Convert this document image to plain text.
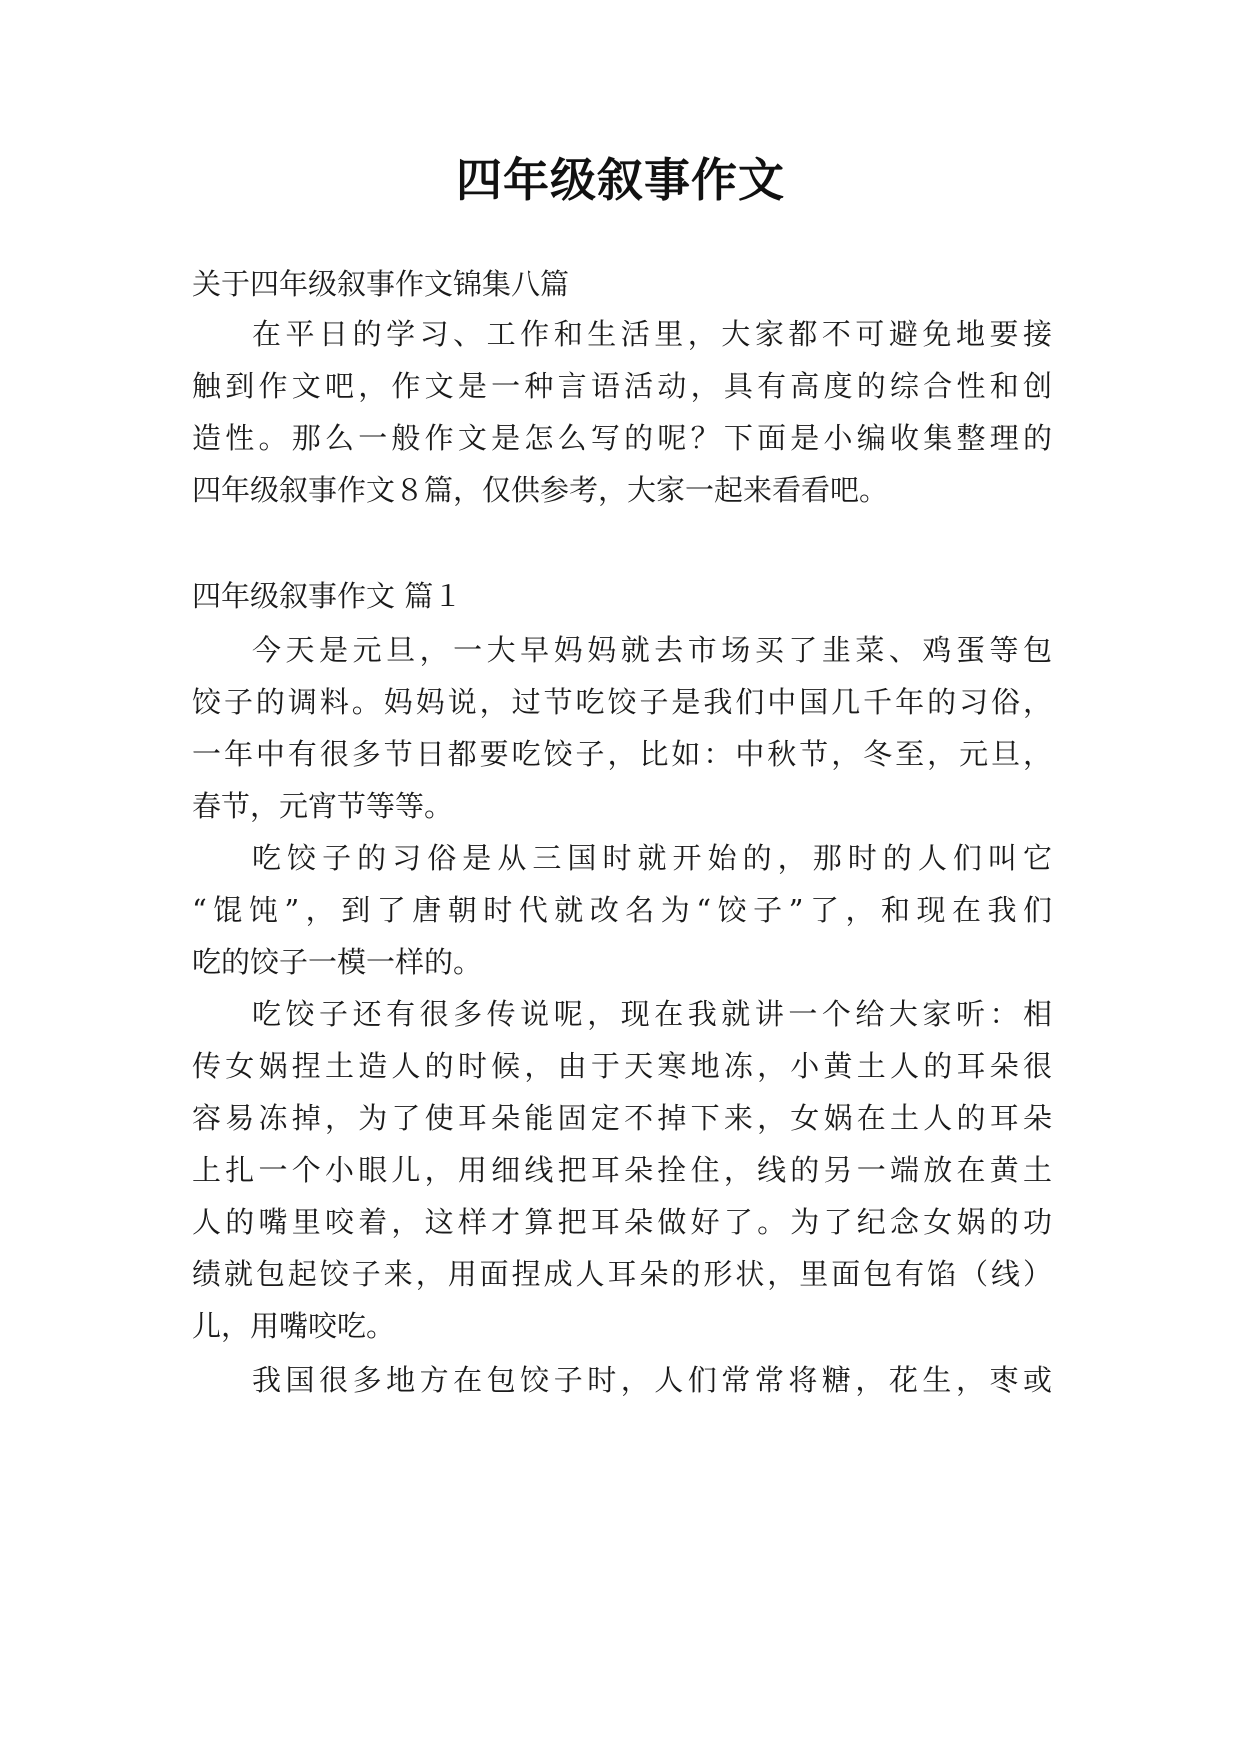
四年级叙事作文
关于四年级叙事作文锦集八篇
在平日的学习、工作和生活里，大家都不可避免地要接
触到作文吧，作文是一种言语活动，具有高度的综合性和创
造性。那么一般作文是怎么写的呢？下面是小编收集整理的
四年级叙事作文８篇，仅供参考，大家一起来看看吧。
四年级叙事作文 篇１
今天是元旦，一大早妈妈就去市场买了韭菜、鸡蛋等包
饺子的调料。妈妈说，过节吃饺子是我们中国几千年的习俗，
一年中有很多节日都要吃饺子，比如：中秋节，冬至，元旦，
春节，元宵节等等。
吃饺子的习俗是从三国时就开始的，那时的人们叫它
“馄饨”，到了唐朝时代就改名为“饺子”了，和现在我们
吃的饺子一模一样的。
吃饺子还有很多传说呢，现在我就讲一个给大家听：相
传女娲捏土造人的时候，由于天寒地冻，小黄土人的耳朵很
容易冻掉，为了使耳朵能固定不掉下来，女娲在土人的耳朵
上扎一个小眼儿，用细线把耳朵拴住，线的另一端放在黄土
人的嘴里咬着，这样才算把耳朵做好了。为了纪念女娲的功
绩就包起饺子来，用面捏成人耳朵的形状，里面包有馅（线）
儿，用嘴咬吃。
我国很多地方在包饺子时，人们常常将糖，花生，枣或
